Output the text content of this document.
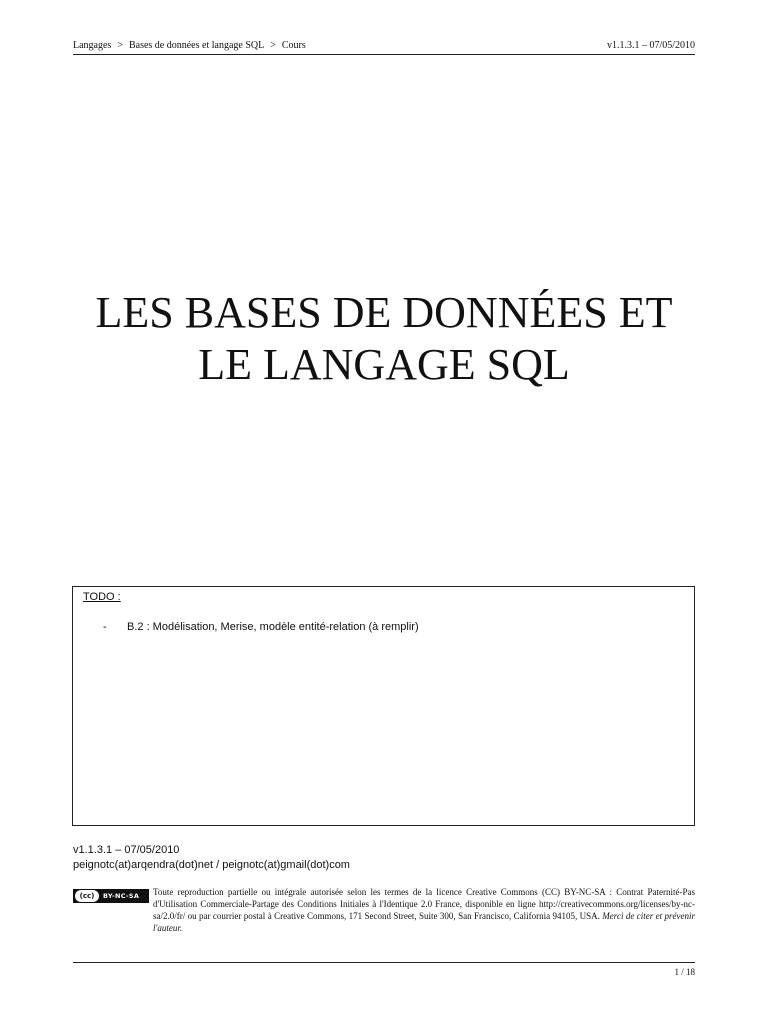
Langages > Bases de données et langage SQL > Cours	v1.1.3.1 – 07/05/2010
LES BASES DE DONNÉES ET
LE LANGAGE SQL
TODO :
- B.2 : Modélisation, Merise, modèle entité-relation (à remplir)
v1.1.3.1 – 07/05/2010
peignotc(at)arqendra(dot)net / peignotc(at)gmail(dot)com
(cc)	BY-NC-SA Toute reproduction partielle ou intégrale autorisée selon les termes de la licence Creative Commons (CC) BY-NC-SA : Contrat Paternité-Pas d'Utilisation Commerciale-Partage des Conditions Initiales à l'Identique 2.0 France, disponible en ligne http://creativecommons.org/licenses/by-nc-sa/2.0/fr/ ou par courrier postal à Creative Commons, 171 Second Street, Suite 300, San Francisco, California 94105, USA. Merci de citer et prévenir l'auteur.
1 / 18
